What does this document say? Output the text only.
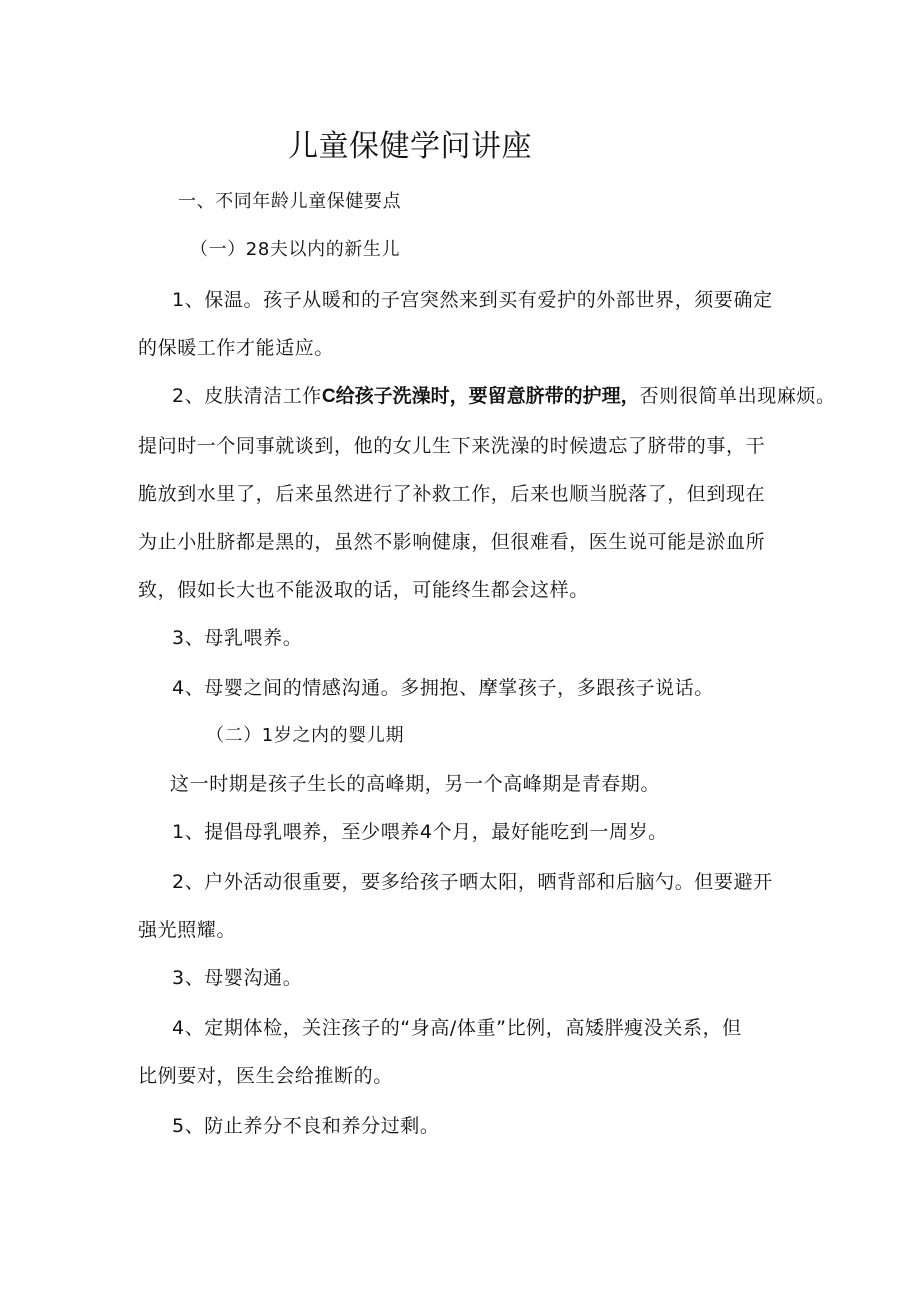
儿童保健学问讲座
一、不同年龄儿童保健要点
（一）28夫以内的新生儿
1、保温。孩子从暖和的子宫突然来到买有爱护的外部世界，须要确定
的保暖工作才能适应。
2、皮肤清洁工作C给孩子洗澡时，要留意脐带的护理，否则很简单出现麻烦。
提问时一个同事就谈到，他的女儿生下来洗澡的时候遗忘了脐带的事，干
脆放到水里了，后来虽然进行了补救工作，后来也顺当脱落了，但到现在
为止小肚脐都是黑的，虽然不影响健康，但很难看，医生说可能是淤血所
致，假如长大也不能汲取的话，可能终生都会这样。
3、母乳喂养。
4、母婴之间的情感沟通。多拥抱、摩掌孩子，多跟孩子说话。
（二）1岁之内的婴儿期
这一时期是孩子生长的高峰期，另一个高峰期是青春期。
1、提倡母乳喂养，至少喂养4个月，最好能吃到一周岁。
2、户外活动很重要，要多给孩子晒太阳，晒背部和后脑勺。但要避开
强光照耀。
3、母婴沟通。
4、定期体检，关注孩子的“身高/体重”比例，高矮胖瘦没关系，但
比例要对，医生会给推断的。
5、防止养分不良和养分过剩。
